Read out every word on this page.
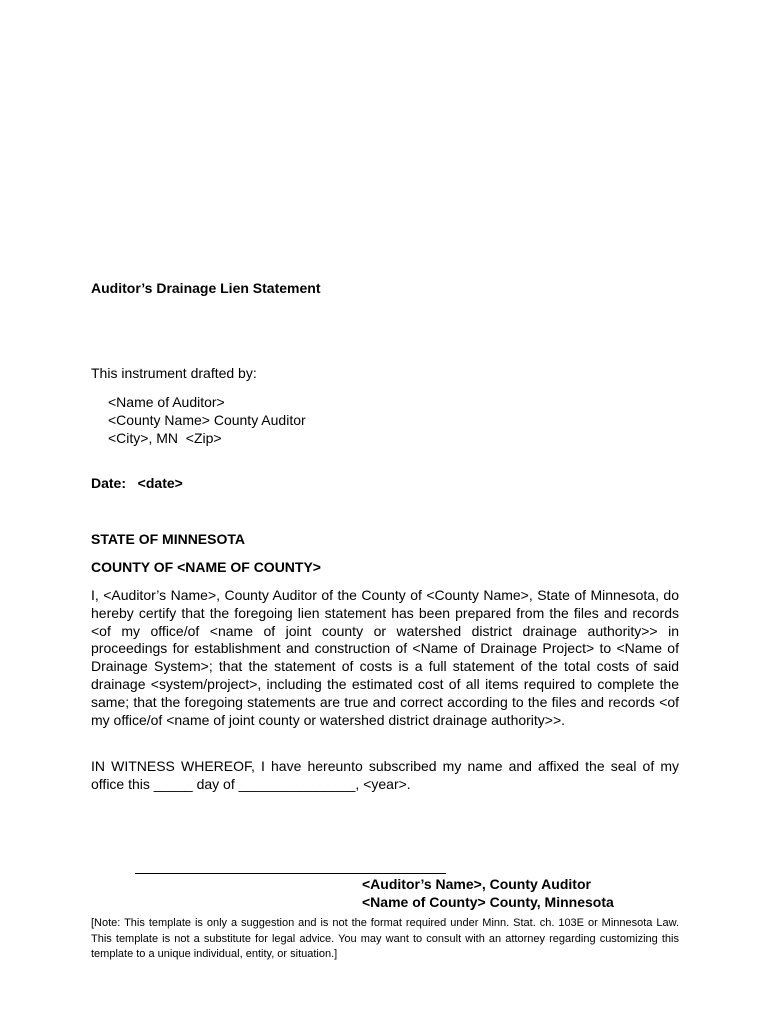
Auditor’s Drainage Lien Statement
This instrument drafted by:
<Name of Auditor>
<County Name> County Auditor
<City>, MN  <Zip>
Date:   <date>
STATE OF MINNESOTA
COUNTY OF <NAME OF COUNTY>

I, <Auditor’s Name>, County Auditor of the County of <County Name>, State of Minnesota, do hereby certify that the foregoing lien statement has been prepared from the files and records <of my office/of <name of joint county or watershed district drainage authority>> in proceedings for establishment and construction of <Name of Drainage Project> to <Name of Drainage System>; that the statement of costs is a full statement of the total costs of said drainage <system/project>, including the estimated cost of all items required to complete the same; that the foregoing statements are true and correct according to the files and records <of my office/of <name of joint county or watershed district drainage authority>>.

IN WITNESS WHEREOF, I have hereunto subscribed my name and affixed the seal of my office this _____ day of _______________, <year>.

<Auditor’s Name>, County Auditor
<Name of County> County, Minnesota

[Note: This template is only a suggestion and is not the format required under Minn. Stat. ch. 103E or Minnesota Law. This template is not a substitute for legal advice. You may want to consult with an attorney regarding customizing this template to a unique individual, entity, or situation.]
